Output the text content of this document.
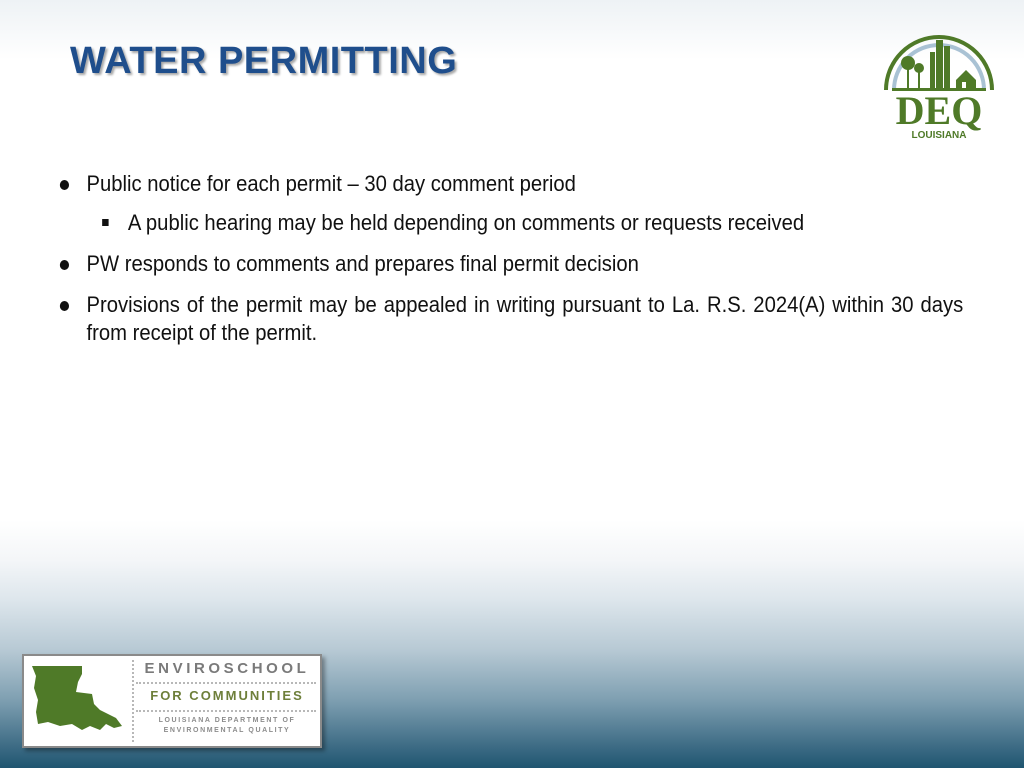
WATER PERMITTING
DEQ
LOUISIANA
Public notice for each permit – 30 day comment period
A public hearing may be held depending on comments or requests received
PW responds to comments and prepares final permit decision
Provisions of the permit may be appealed in writing pursuant to La. R.S. 2024(A) within 30 days from receipt of the permit.
ENVIROSCHOOL
FOR COMMUNITIES
LOUISIANA DEPARTMENT OF
ENVIRONMENTAL QUALITY
